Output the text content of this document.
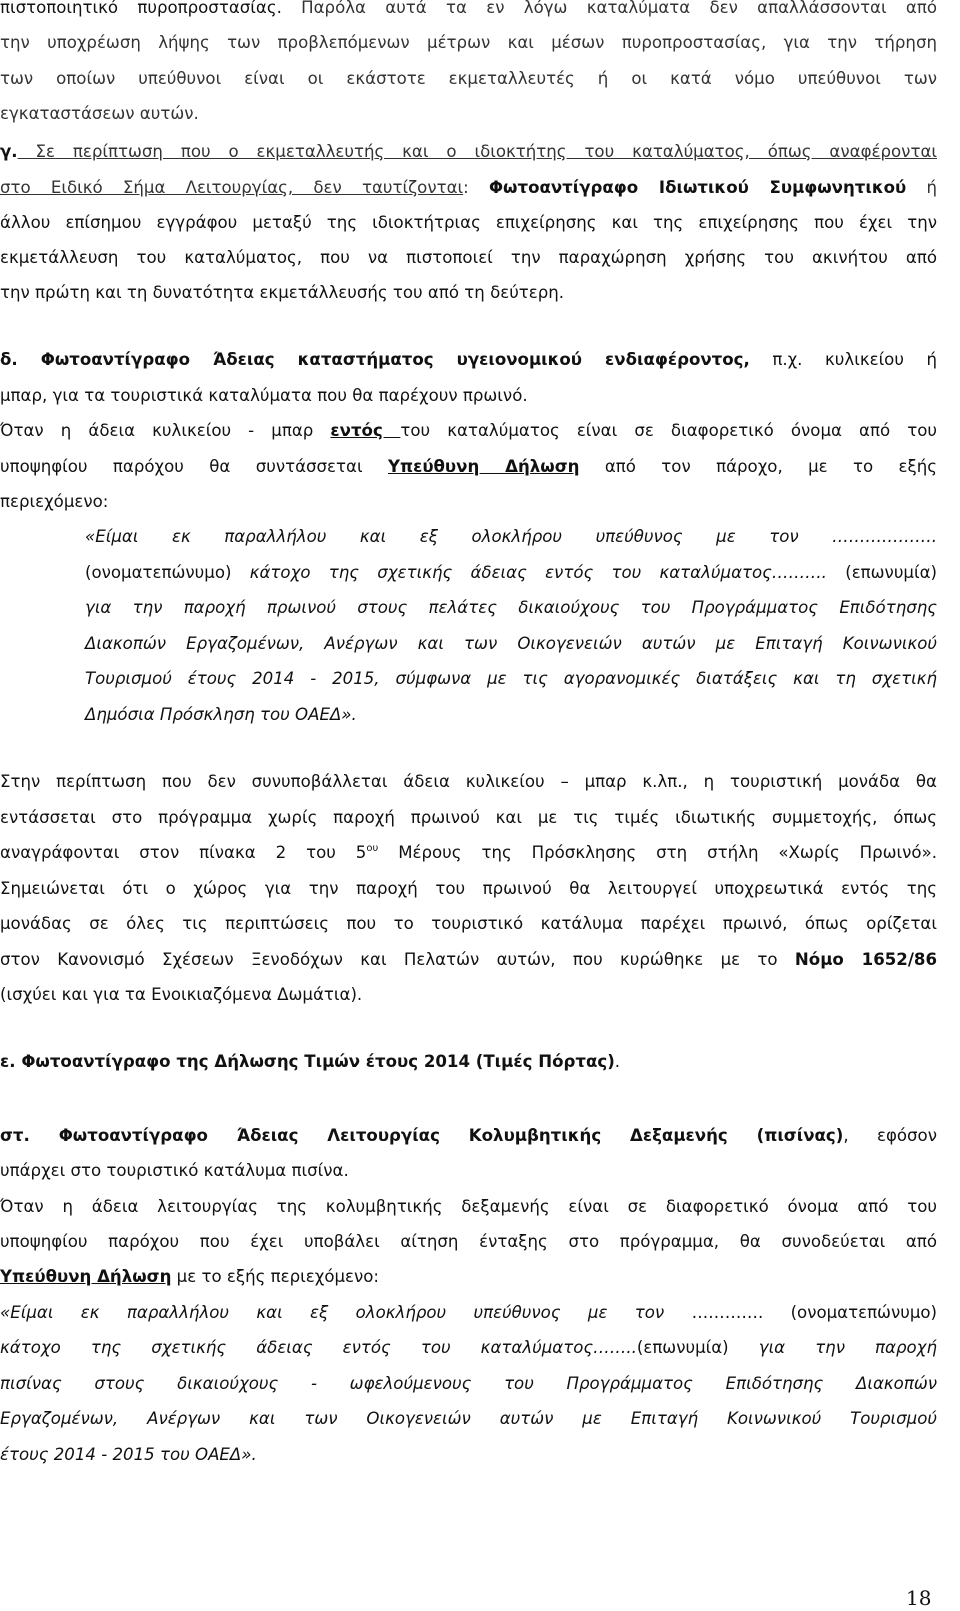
πιστοποιητικό πυροπροστασίας. Παρόλα αυτά τα εν λόγω καταλύματα δεν απαλλάσσονται από
την υποχρέωση λήψης των προβλεπόμενων μέτρων και μέσων πυροπροστασίας, για την τήρηση
των οποίων υπεύθυνοι είναι οι εκάστοτε εκμεταλλευτές ή οι κατά νόμο υπεύθυνοι των
εγκαταστάσεων αυτών.
γ. Σε περίπτωση που ο εκμεταλλευτής και ο ιδιοκτήτης του καταλύματος, όπως αναφέρονται
στο Ειδικό Σήμα Λειτουργίας, δεν ταυτίζονται: Φωτοαντίγραφο Ιδιωτικού Συμφωνητικού ή
άλλου επίσημου εγγράφου μεταξύ της ιδιοκτήτριας επιχείρησης και της επιχείρησης που έχει την
εκμετάλλευση του καταλύματος, που να πιστοποιεί την παραχώρηση χρήσης του ακινήτου από
την πρώτη και τη δυνατότητα εκμετάλλευσής του από τη δεύτερη.
δ. Φωτοαντίγραφο Άδειας καταστήματος υγειονομικού ενδιαφέροντος, π.χ. κυλικείου ή
μπαρ, για τα τουριστικά καταλύματα που θα παρέχουν πρωινό.
Όταν η άδεια κυλικείου - μπαρ εντός του καταλύματος είναι σε διαφορετικό όνομα από του
υποψηφίου παρόχου θα συντάσσεται Υπεύθυνη Δήλωση από τον πάροχο, με το εξής
περιεχόμενο:
«Είμαι εκ παραλλήλου και εξ ολοκλήρου υπεύθυνος με τον ……………….
(ονοματεπώνυμο) κάτοχο της σχετικής άδειας εντός του καταλύματος………. (επωνυμία)
για την παροχή πρωινού στους πελάτες δικαιούχους του Προγράμματος Επιδότησης
Διακοπών Εργαζομένων, Ανέργων και των Οικογενειών αυτών με Επιταγή Κοινωνικού
Τουρισμού έτους 2014 - 2015, σύμφωνα με τις αγορανομικές διατάξεις και τη σχετική
Δημόσια Πρόσκληση του ΟΑΕΔ».
Στην περίπτωση που δεν συνυποβάλλεται άδεια κυλικείου – μπαρ κ.λπ., η τουριστική μονάδα θα
εντάσσεται στο πρόγραμμα χωρίς παροχή πρωινού και με τις τιμές ιδιωτικής συμμετοχής, όπως
αναγράφονται στον πίνακα 2 του $5^{o\upsilon}$ Μέρους της Πρόσκλησης στη στήλη «Χωρίς Πρωινό».
Σημειώνεται ότι ο χώρος για την παροχή του πρωινού θα λειτουργεί υποχρεωτικά εντός της
μονάδας σε όλες τις περιπτώσεις που το τουριστικό κατάλυμα παρέχει πρωινό, όπως ορίζεται
στον Κανονισμό Σχέσεων Ξενοδόχων και Πελατών αυτών, που κυρώθηκε με το Νόμο 1652/86
(ισχύει και για τα Ενοικιαζόμενα Δωμάτια).
ε. Φωτοαντίγραφο της Δήλωσης Τιμών έτους 2014 (Τιμές Πόρτας).
στ. Φωτοαντίγραφο Άδειας Λειτουργίας Κολυμβητικής Δεξαμενής (πισίνας), εφόσον
υπάρχει στο τουριστικό κατάλυμα πισίνα.
Όταν η άδεια λειτουργίας της κολυμβητικής δεξαμενής είναι σε διαφορετικό όνομα από του
υποψηφίου παρόχου που έχει υποβάλει αίτηση ένταξης στο πρόγραμμα, θα συνοδεύεται από
Υπεύθυνη Δήλωση με το εξής περιεχόμενο:
«Είμαι εκ παραλλήλου και εξ ολοκλήρου υπεύθυνος με τον …………. (ονοματεπώνυμο)
κάτοχο της σχετικής άδειας εντός του καταλύματος……..(επωνυμία) για την παροχή
πισίνας στους δικαιούχους - ωφελούμενους του Προγράμματος Επιδότησης Διακοπών
Εργαζομένων, Ανέργων και των Οικογενειών αυτών με Επιταγή Κοινωνικού Τουρισμού
έτους 2014 - 2015 του ΟΑΕΔ».
18
